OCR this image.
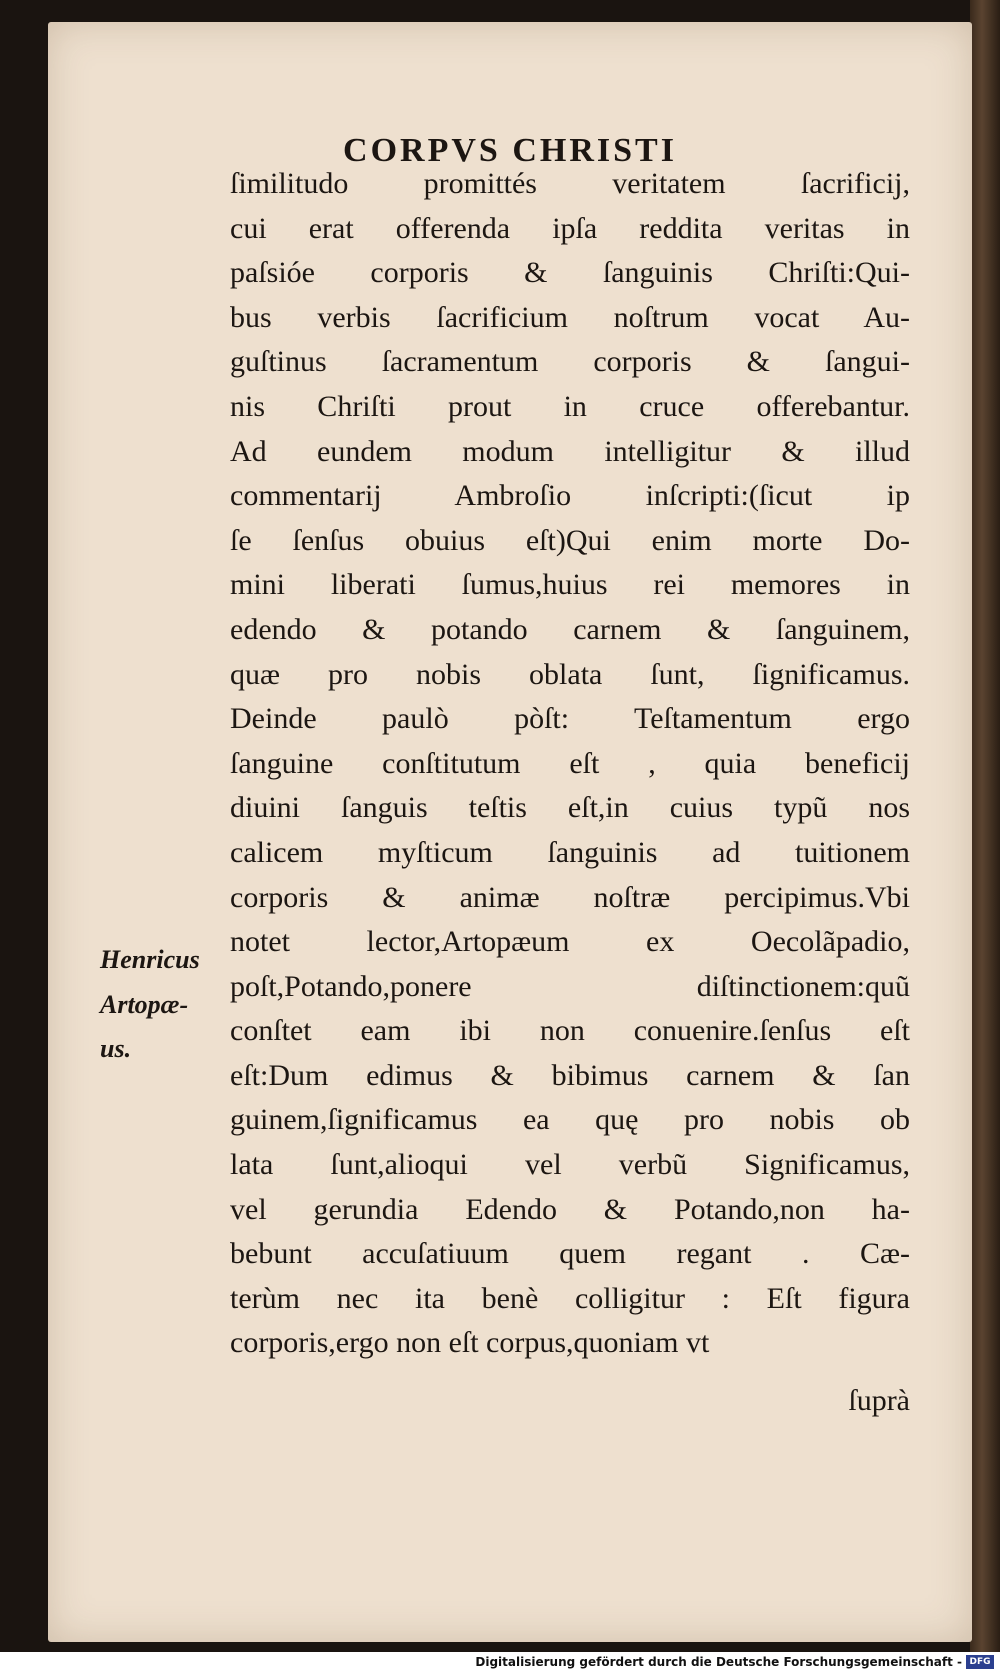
CORPVS CHRISTI
ſimilitudo promittés veritatem ſacrificij,
cui erat offerenda ipſa reddita veritas in
paſsióe corporis & ſanguinis Chriſti:Qui-
bus verbis ſacrificium noſtrum vocat Au-
guſtinus ſacramentum corporis & ſangui-
nis Chriſti prout in cruce offerebantur.
Ad eundem modum intelligitur & illud
commentarij Ambroſio inſcripti:(ſicut ip
ſe ſenſus obuius eſt)Qui enim morte Do-
mini liberati ſumus,huius rei memores in
edendo & potando carnem & ſanguinem,
quæ pro nobis oblata ſunt, ſignificamus.
Deinde paulò pòſt: Teſtamentum ergo
ſanguine conſtitutum eſt , quia beneficij
diuini ſanguis teſtis eſt,in cuius typũ nos
calicem myſticum ſanguinis ad tuitionem
corporis & animæ noſtræ percipimus.Vbi
notet lector,Artopæum ex Oecolãpadio,
poſt,Potando,ponere diſtinctionem:quũ
conſtet eam ibi non conuenire.ſenſus eſt
eſt:Dum edimus & bibimus carnem & ſan
guinem,ſignificamus ea quę pro nobis ob
lata ſunt,alioqui vel verbũ Significamus,
vel gerundia Edendo & Potando,non ha-
bebunt accuſatiuum quem regant . Cæ-
terùm nec ita benè colligitur : Eſt figura
corporis,ergo non eſt corpus,quoniam vt
ſuprà
Henricus
Artopæ-
us.
Digitalisierung gefördert durch die Deutsche Forschungsgemeinschaft - DFG
